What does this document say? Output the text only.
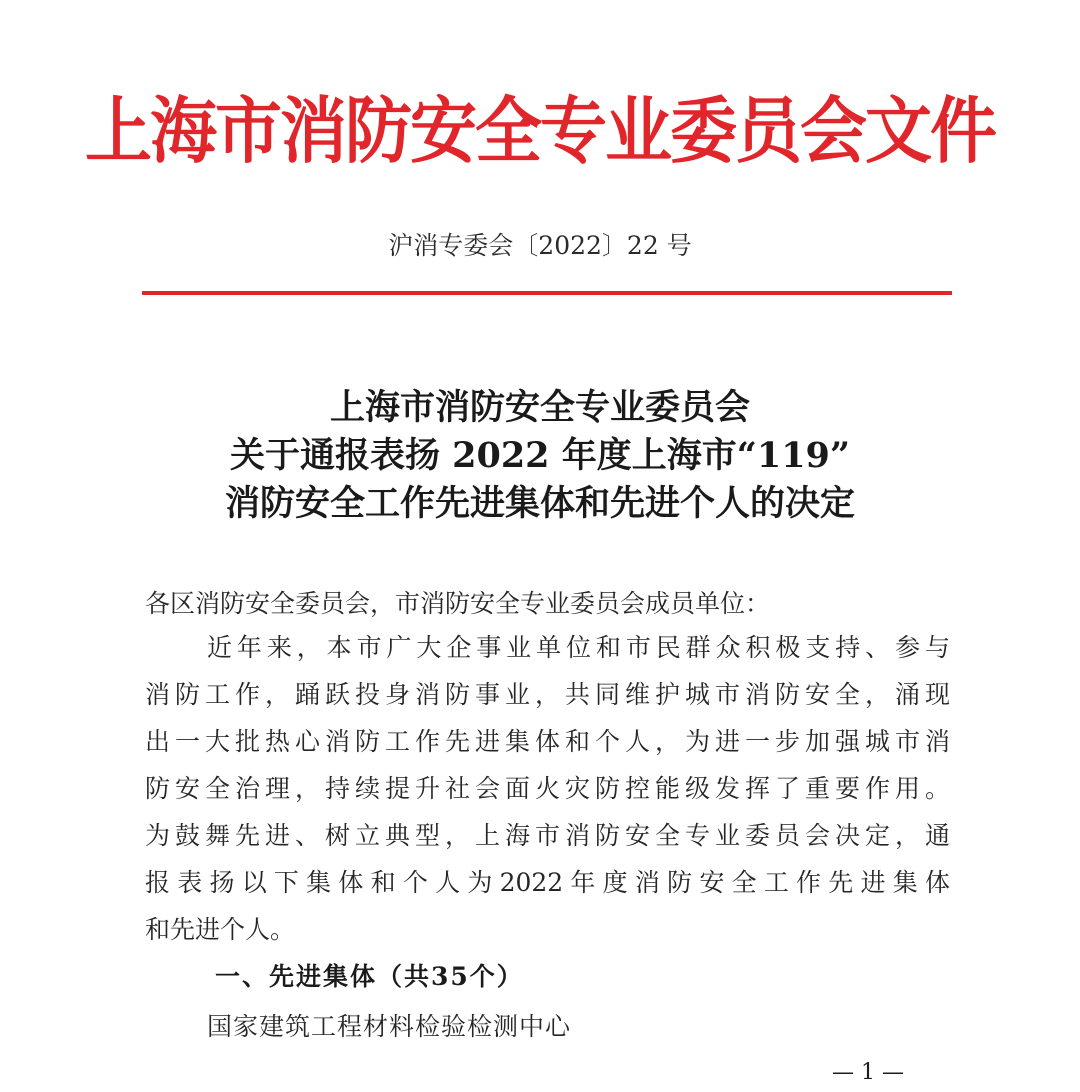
上海市消防安全专业委员会文件
沪消专委会〔2022〕22 号
上海市消防安全专业委员会
关于通报表扬 2022 年度上海市“119”
消防安全工作先进集体和先进个人的决定
各区消防安全委员会，市消防安全专业委员会成员单位：
近年来，本市广大企事业单位和市民群众积极支持、参与
消防工作，踊跃投身消防事业，共同维护城市消防安全，涌现
出一大批热心消防工作先进集体和个人，为进一步加强城市消
防安全治理，持续提升社会面火灾防控能级发挥了重要作用。
为鼓舞先进、树立典型，上海市消防安全专业委员会决定，通
报表扬以下集体和个人为2022年度消防安全工作先进集体
和先进个人。
一、先进集体（共35个）
国家建筑工程材料检验检测中心
— 1 —
